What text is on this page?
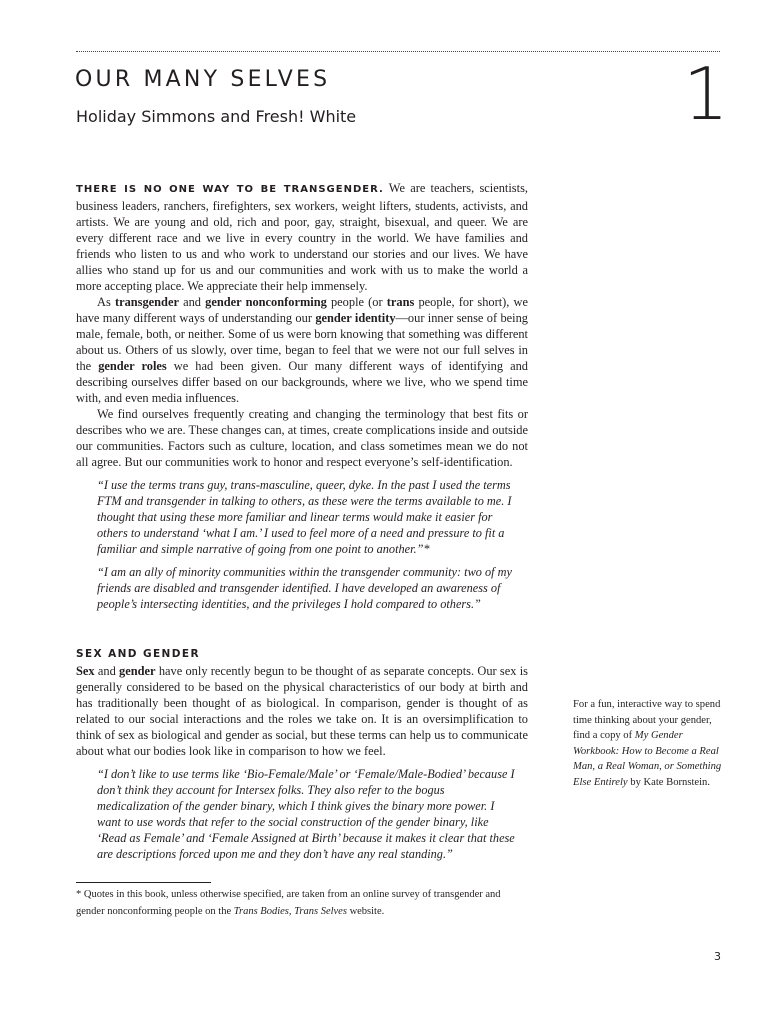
OUR MANY SELVES
Holiday Simmons and Fresh! White	1

THERE IS NO ONE WAY TO BE TRANSGENDER. We are teachers, scientists, business leaders, ranchers, firefighters, sex workers, weight lifters, students, activists, and artists. We are young and old, rich and poor, gay, straight, bisexual, and queer. We are every different race and we live in every country in the world. We have families and friends who listen to us and who work to understand our stories and our lives. We have allies who stand up for us and our communities and work with us to make the world a more accepting place. We appreciate their help immensely.

As transgender and gender nonconforming people (or trans people, for short), we have many different ways of understanding our gender identity—our inner sense of being male, female, both, or neither. Some of us were born knowing that something was different about us. Others of us slowly, over time, began to feel that we were not our full selves in the gender roles we had been given. Our many different ways of identifying and describing ourselves differ based on our backgrounds, where we live, who we spend time with, and even media influences.

We find ourselves frequently creating and changing the terminology that best fits or describes who we are. These changes can, at times, create complications inside and outside our communities. Factors such as culture, location, and class sometimes mean we do not all agree. But our communities work to honor and respect everyone’s self-identification.

“I use the terms trans guy, trans-masculine, queer, dyke. In the past I used the terms FTM and transgender in talking to others, as these were the terms available to me. I thought that using these more familiar and linear terms would make it easier for others to understand ‘what I am.’ I used to feel more of a need and pressure to fit a familiar and simple narrative of going from one point to another.”*
“I am an ally of minority communities within the transgender community: two of my friends are disabled and transgender identified. I have developed an awareness of people’s intersecting identities, and the privileges I hold compared to others.”
SEX AND GENDER

Sex and gender have only recently begun to be thought of as separate concepts. Our sex is generally considered to be based on the physical characteristics of our body at birth and has traditionally been thought of as biological. In comparison, gender is thought of as related to our social interactions and the roles we take on. It is an oversimplification to think of sex as biological and gender as social, but these terms can help us to communicate about what our bodies look like in comparison to how we feel.

“I don’t like to use terms like ‘Bio-Female/Male’ or ‘Female/Male-Bodied’ because I don’t think they account for Intersex folks. They also refer to the bogus medicalization of the gender binary, which I think gives the binary more power. I want to use words that refer to the social construction of the gender binary, like ‘Read as Female’ and ‘Female Assigned at Birth’ because it makes it clear that these are descriptions forced upon me and they don’t have any real standing.”
For a fun, interactive way to spend time thinking about your gender, find a copy of My Gender Workbook: How to Become a Real Man, a Real Woman, or Something Else Entirely by Kate Bornstein.
* Quotes in this book, unless otherwise specified, are taken from an online survey of transgender and gender nonconforming people on the Trans Bodies, Trans Selves website.
3
